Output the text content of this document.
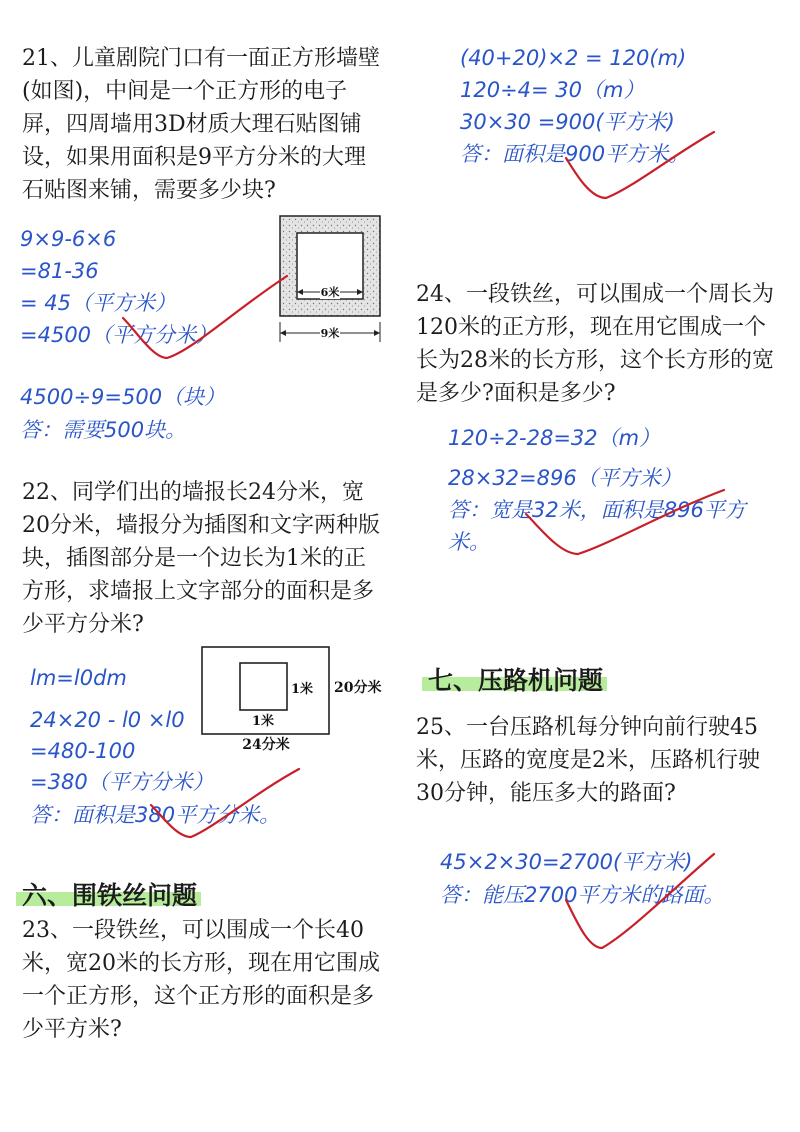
21、儿童剧院门口有一面正方形墙壁(如图)，中间是一个正方形的电子屏，四周墙用3D材质大理石贴图铺设，如果用面积是9平方分米的大理石贴图来铺，需要多少块?

9×9-6×6
=81-36
= 45（平方米）
=4500（平方分米）
4500÷9=500（块）
答：需要500块。
6米
9米

22、同学们出的墙报长24分米，宽20分米，墙报分为插图和文字两种版块，插图部分是一个边长为1米的正方形，求墙报上文字部分的面积是多少平方分米?

1米
1米
20分米
24分米
lm=l0dm
24×20 - l0 ×l0
=480-100
=380（平方分米）
答：面积是380平方分米。
六、围铁丝问题

23、一段铁丝，可以围成一个长40米，宽20米的长方形，现在用它围成一个正方形，这个正方形的面积是多少平方米?

(40+20)×2 = 120(m)
120÷4= 30（m）
30×30 =900(平方米)
答：面积是900平方米。

24、一段铁丝，可以围成一个周长为120米的正方形，现在用它围成一个长为28米的长方形，这个长方形的宽是多少?面积是多少?

120÷2-28=32（m）
28×32=896（平方米）
答：宽是32米，面积是896平方
米。
七、压路机问题

25、一台压路机每分钟向前行驶45米，压路的宽度是2米，压路机行驶30分钟，能压多大的路面?

45×2×30=2700(平方米)
答：能压2700平方米的路面。
